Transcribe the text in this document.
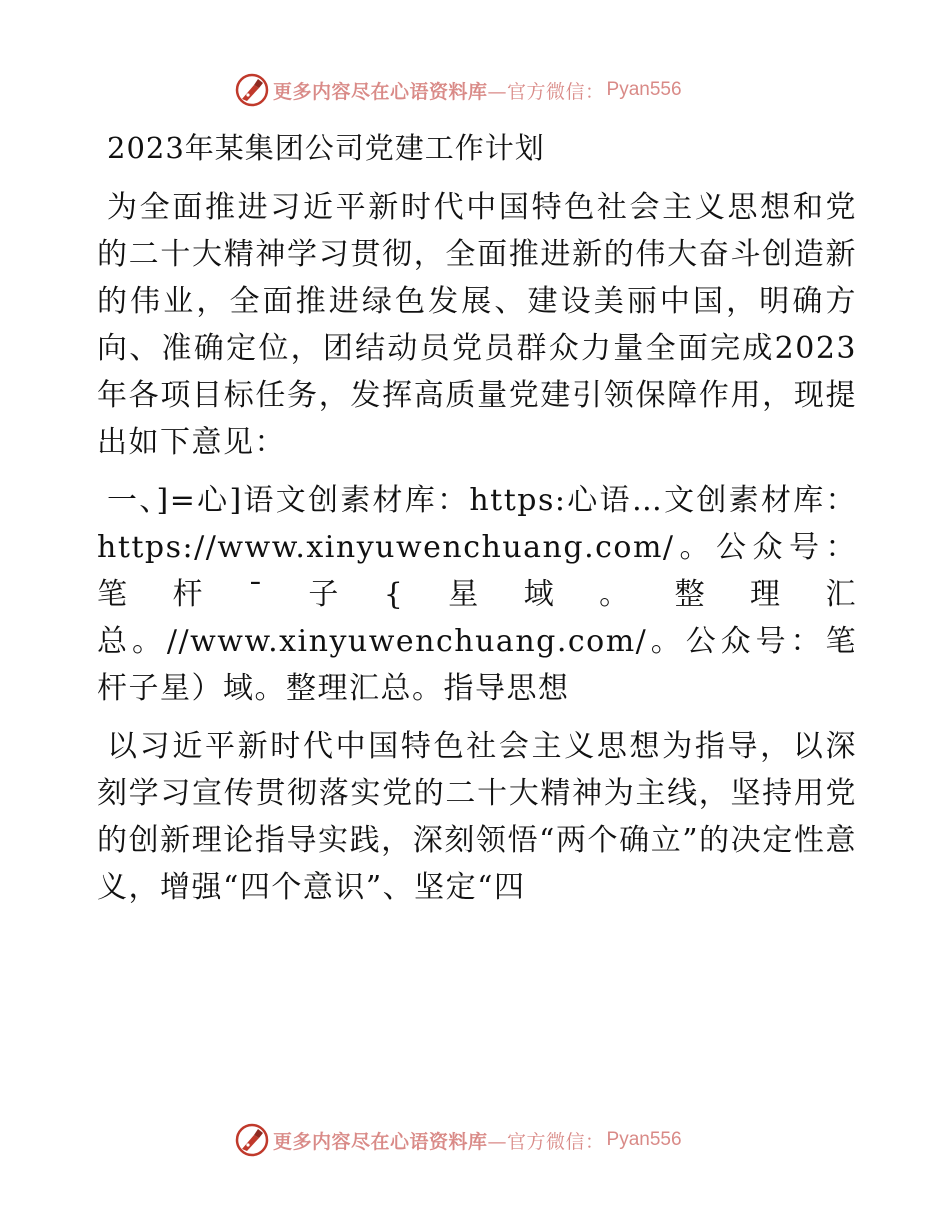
更多内容尽在心语资料库—官方微信： Pyan556
2023年某集团公司党建工作计划

为全面推进习近平新时代中国特色社会主义思想和党的二十大精神学习贯彻，全面推进新的伟大奋斗创造新的伟业，全面推进绿色发展、建设美丽中国，明确方向、准确定位，团结动员党员群众力量全面完成2023年各项目标任务，发挥高质量党建引领保障作用，现提出如下意见：

一、]=心]语文创素材库：https:心语…文创素材库：https://www.xinyuwenchuang.com/。公众号：笔杆¯子{星域。整理汇总。//www.xinyuwenchuang.com/。公众号：笔杆子星）域。整理汇总。指导思想

以习近平新时代中国特色社会主义思想为指导，以深刻学习宣传贯彻落实党的二十大精神为主线，坚持用党的创新理论指导实践，深刻领悟“两个确立”的决定性意义，增强“四个意识”、坚定“四

更多内容尽在心语资料库—官方微信： Pyan556
